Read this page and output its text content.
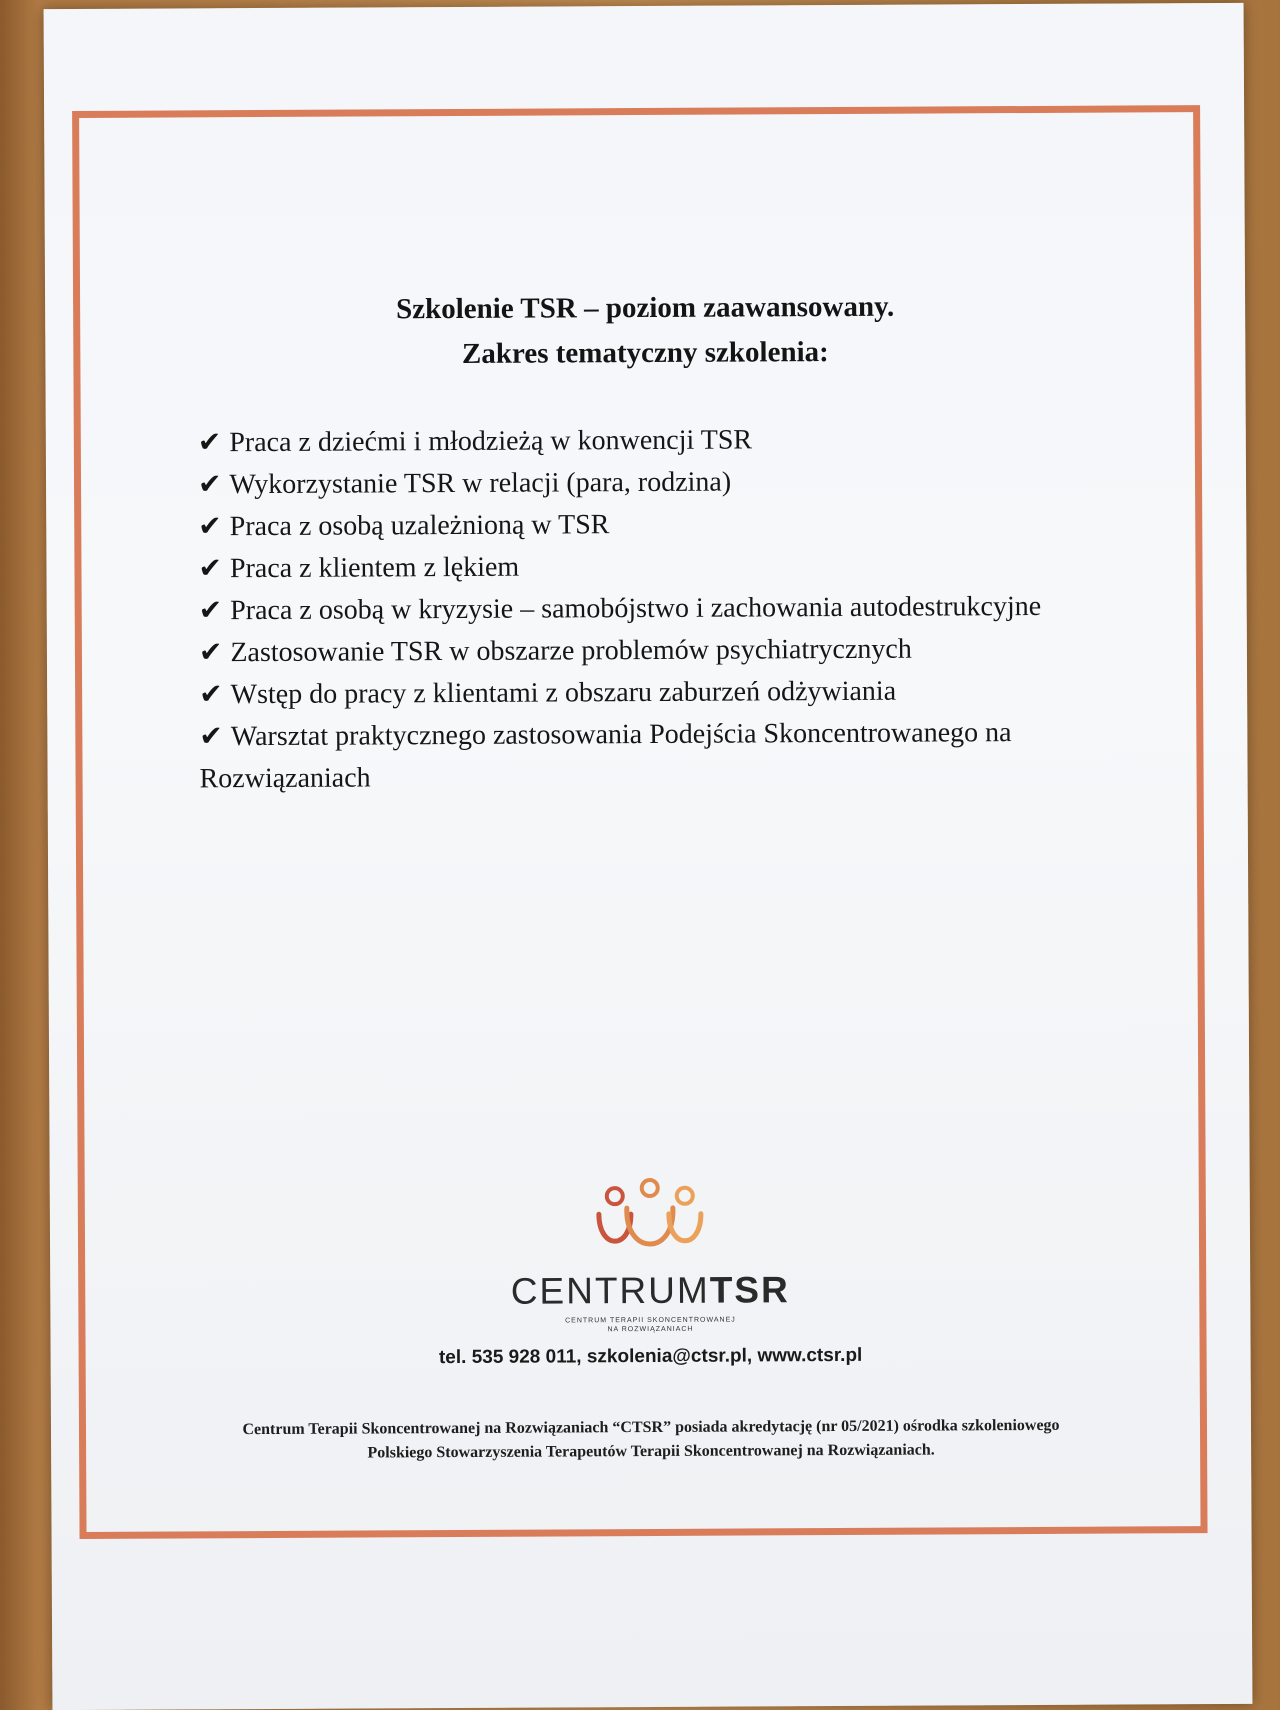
Szkolenie TSR – poziom zaawansowany.
Zakres tematyczny szkolenia:
✔ Praca z dziećmi i młodzieżą w konwencji TSR
✔ Wykorzystanie TSR w relacji (para, rodzina)
✔ Praca z osobą uzależnioną w TSR
✔ Praca z klientem z lękiem
✔ Praca z osobą w kryzysie – samobójstwo i zachowania autodestrukcyjne
✔ Zastosowanie TSR w obszarze problemów psychiatrycznych
✔ Wstęp do pracy z klientami z obszaru zaburzeń odżywiania
✔ Warsztat praktycznego zastosowania Podejścia Skoncentrowanego na Rozwiązaniach
CENTRUMTSR
CENTRUM TERAPII SKONCENTROWANEJ
NA ROZWIĄZANIACH
tel. 535 928 011, szkolenia@ctsr.pl, www.ctsr.pl
Centrum Terapii Skoncentrowanej na Rozwiązaniach “CTSR” posiada akredytację (nr 05/2021) ośrodka szkoleniowego
Polskiego Stowarzyszenia Terapeutów Terapii Skoncentrowanej na Rozwiązaniach.
